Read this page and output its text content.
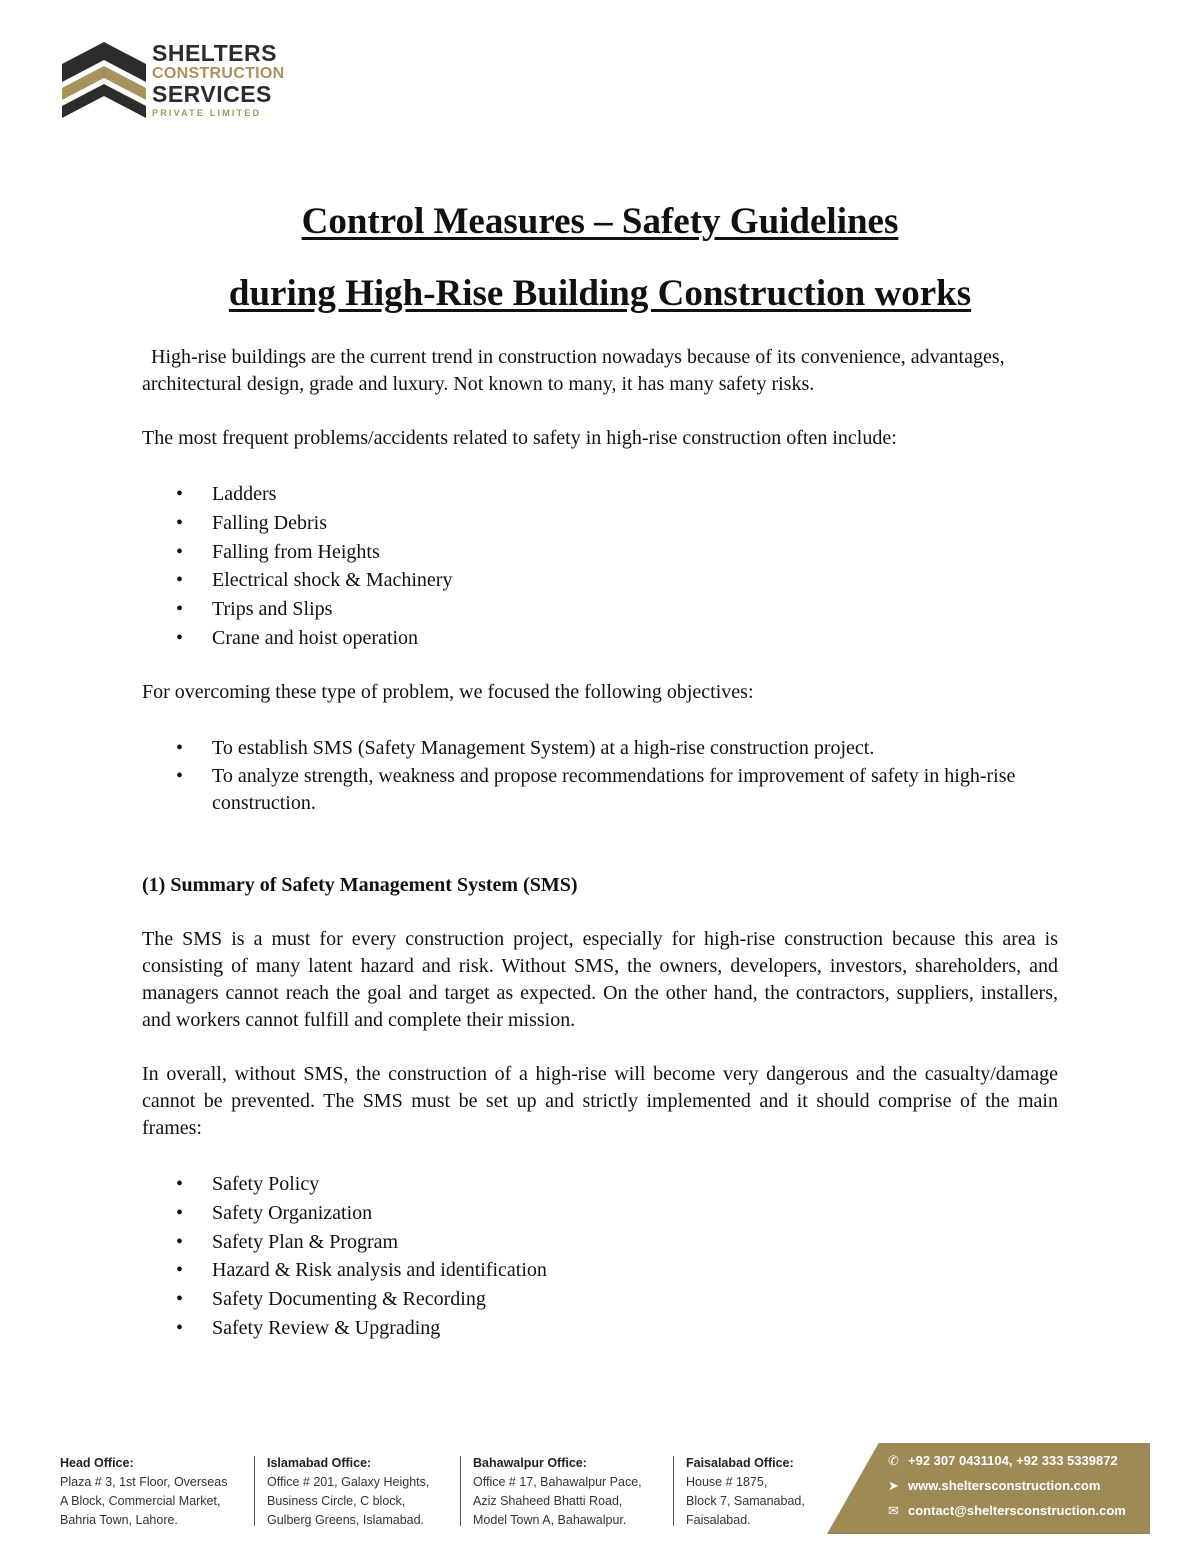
SHELTERS
CONSTRUCTION
SERVICES
PRIVATE LIMITED
Control Measures – Safety Guidelines
during High-Rise Building Construction works
High-rise buildings are the current trend in construction nowadays because of its convenience, advantages, architectural design, grade and luxury. Not known to many, it has many safety risks.
The most frequent problems/accidents related to safety in high-rise construction often include:
• Ladders
• Falling Debris
• Falling from Heights
• Electrical shock & Machinery
• Trips and Slips
• Crane and hoist operation
For overcoming these type of problem, we focused the following objectives:
• To establish SMS (Safety Management System) at a high-rise construction project.
• To analyze strength, weakness and propose recommendations for improvement of safety in high-rise construction.
(1) Summary of Safety Management System (SMS)
The SMS is a must for every construction project, especially for high-rise construction because this area is consisting of many latent hazard and risk. Without SMS, the owners, developers, investors, shareholders, and managers cannot reach the goal and target as expected. On the other hand, the contractors, suppliers, installers, and workers cannot fulfill and complete their mission.
In overall, without SMS, the construction of a high-rise will become very dangerous and the casualty/damage cannot be prevented. The SMS must be set up and strictly implemented and it should comprise of the main frames:
• Safety Policy
• Safety Organization
• Safety Plan & Program
• Hazard & Risk analysis and identification
• Safety Documenting & Recording
• Safety Review & Upgrading
Head Office:
Plaza # 3, 1st Floor, Overseas
A Block, Commercial Market,
Bahria Town, Lahore.
Islamabad Office:
Office # 201, Galaxy Heights,
Business Circle, C block,
Gulberg Greens, Islamabad.
Bahawalpur Office:
Office # 17, Bahawalpur Pace,
Aziz Shaheed Bhatti Road,
Model Town A, Bahawalpur.
Faisalabad Office:
House # 1875,
Block 7, Samanabad,
Faisalabad.
✆ +92 307 0431104, +92 333 5339872
➤ www.sheltersconstruction.com
✉ contact@sheltersconstruction.com
